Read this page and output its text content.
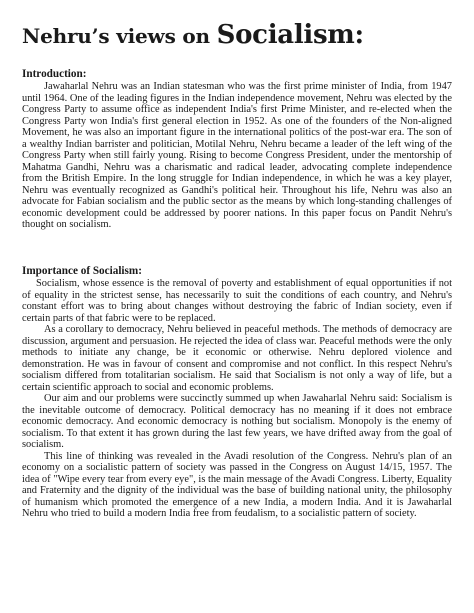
Nehru’s views on Socialism:

Introduction:

Jawaharlal Nehru was an Indian statesman who was the first prime minister of India, from 1947 until 1964. One of the leading figures in the Indian independence movement, Nehru was elected by the Congress Party to assume office as independent India's first Prime Minister, and re-elected when the Congress Party won India's first general election in 1952. As one of the founders of the Non-aligned Movement, he was also an important figure in the international politics of the post-war era. The son of a wealthy Indian barrister and politician, Motilal Nehru, Nehru became a leader of the left wing of the Congress Party when still fairly young. Rising to become Congress President, under the mentorship of Mahatma Gandhi, Nehru was a charismatic and radical leader, advocating complete independence from the British Empire. In the long struggle for Indian independence, in which he was a key player, Nehru was eventually recognized as Gandhi's political heir. Throughout his life, Nehru was also an advocate for Fabian socialism and the public sector as the means by which long-standing challenges of economic development could be addressed by poorer nations. In this paper focus on Pandit Nehru's thought on socialism.

Importance of Socialism:

Socialism, whose essence is the removal of poverty and establishment of equal opportunities if not of equality in the strictest sense, has necessarily to suit the conditions of each country, and Nehru's constant effort was to bring about changes without destroying the fabric of Indian society, even if certain parts of that fabric were to be replaced.

As a corollary to democracy, Nehru believed in peaceful methods. The methods of democracy are discussion, argument and persuasion. He rejected the idea of class war. Peaceful methods were the only methods to initiate any change, be it economic or otherwise. Nehru deplored violence and demonstration. He was in favour of consent and compromise and not conflict. In this respect Nehru's socialism differed from totalitarian socialism. He said that Socialism is not only a way of life, but a certain scientific approach to social and economic problems.

Our aim and our problems were succinctly summed up when Jawaharlal Nehru said: Socialism is the inevitable outcome of democracy. Political democracy has no meaning if it does not embrace economic democracy. And economic democracy is nothing but socialism. Monopoly is the enemy of socialism. To that extent it has grown during the last few years, we have drifted away from the goal of socialism.

This line of thinking was revealed in the Avadi resolution of the Congress. Nehru's plan of an economy on a socialistic pattern of society was passed in the Congress on August 14/15, 1957. The idea of "Wipe every tear from every eye", is the main message of the Avadi Congress. Liberty, Equality and Fraternity and the dignity of the individual was the base of building national unity, the philosophy of humanism which promoted the emergence of a new India, a modern India. And it is Jawaharlal Nehru who tried to build a modern India free from feudalism, to a socialistic pattern of society.
